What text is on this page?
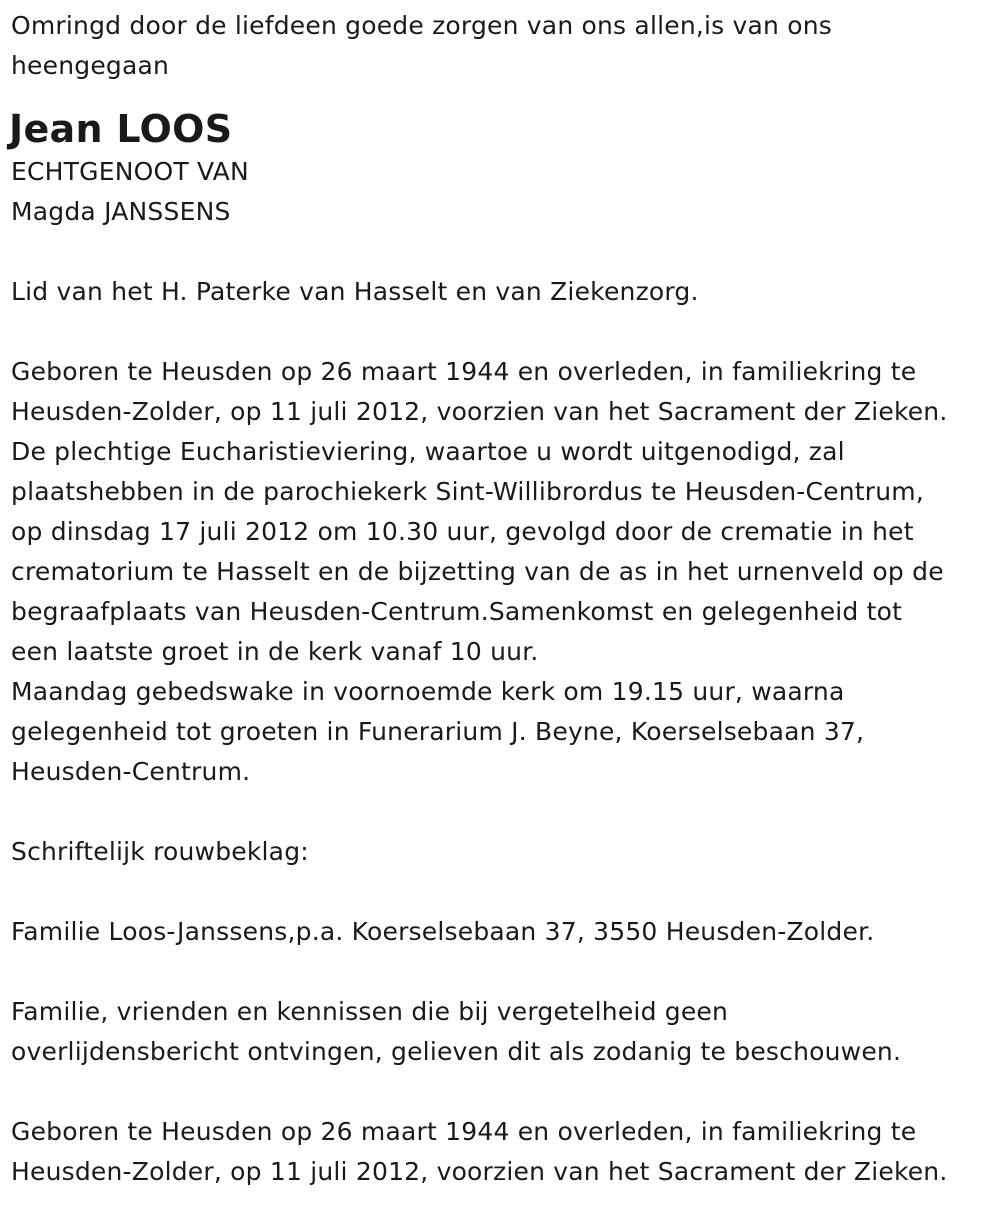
Omringd door de liefdeen goede zorgen van ons allen,is van ons

heengegaan

Jean LOOS

ECHTGENOOT VAN

Magda JANSSENS

Lid van het H. Paterke van Hasselt en van Ziekenzorg.

Geboren te Heusden op 26 maart 1944 en overleden, in familiekring te

Heusden-Zolder, op 11 juli 2012, voorzien van het Sacrament der Zieken.

De plechtige Eucharistieviering, waartoe u wordt uitgenodigd, zal

plaatshebben in de parochiekerk Sint-Willibrordus te Heusden-Centrum,

op dinsdag 17 juli 2012 om 10.30 uur, gevolgd door de crematie in het

crematorium te Hasselt en de bijzetting van de as in het urnenveld op de

begraafplaats van Heusden-Centrum.Samenkomst en gelegenheid tot

een laatste groet in de kerk vanaf 10 uur.

Maandag gebedswake in voornoemde kerk om 19.15 uur, waarna

gelegenheid tot groeten in Funerarium J. Beyne, Koerselsebaan 37,

Heusden-Centrum.

Schriftelijk rouwbeklag:

Familie Loos-Janssens,p.a. Koerselsebaan 37, 3550 Heusden-Zolder.

Familie, vrienden en kennissen die bij vergetelheid geen

overlijdensbericht ontvingen, gelieven dit als zodanig te beschouwen.

Geboren te Heusden op 26 maart 1944 en overleden, in familiekring te

Heusden-Zolder, op 11 juli 2012, voorzien van het Sacrament der Zieken.
